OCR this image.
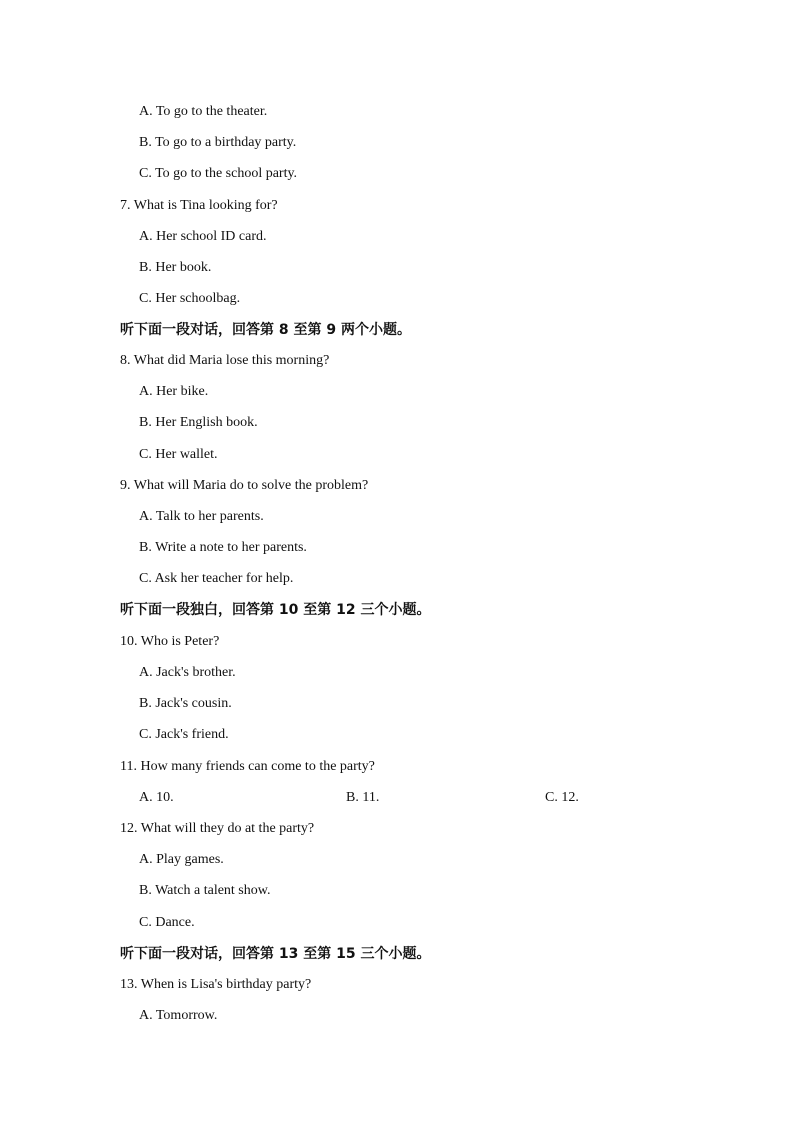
A. To go to the theater.
B. To go to a birthday party.
C. To go to the school party.
7. What is Tina looking for?
A. Her school ID card.
B. Her book.
C. Her schoolbag.
听下面一段对话，回答第 8 至第 9 两个小题。
8. What did Maria lose this morning?
A. Her bike.
B. Her English book.
C. Her wallet.
9. What will Maria do to solve the problem?
A. Talk to her parents.
B. Write a note to her parents.
C. Ask her teacher for help.
听下面一段独白，回答第 10 至第 12 三个小题。
10. Who is Peter?
A. Jack's brother.
B. Jack's cousin.
C. Jack's friend.
11. How many friends can come to the party?
A. 10.	B. 11.	C. 12.
12. What will they do at the party?
A. Play games.
B. Watch a talent show.
C. Dance.
听下面一段对话，回答第 13 至第 15 三个小题。
13. When is Lisa's birthday party?
A. Tomorrow.
